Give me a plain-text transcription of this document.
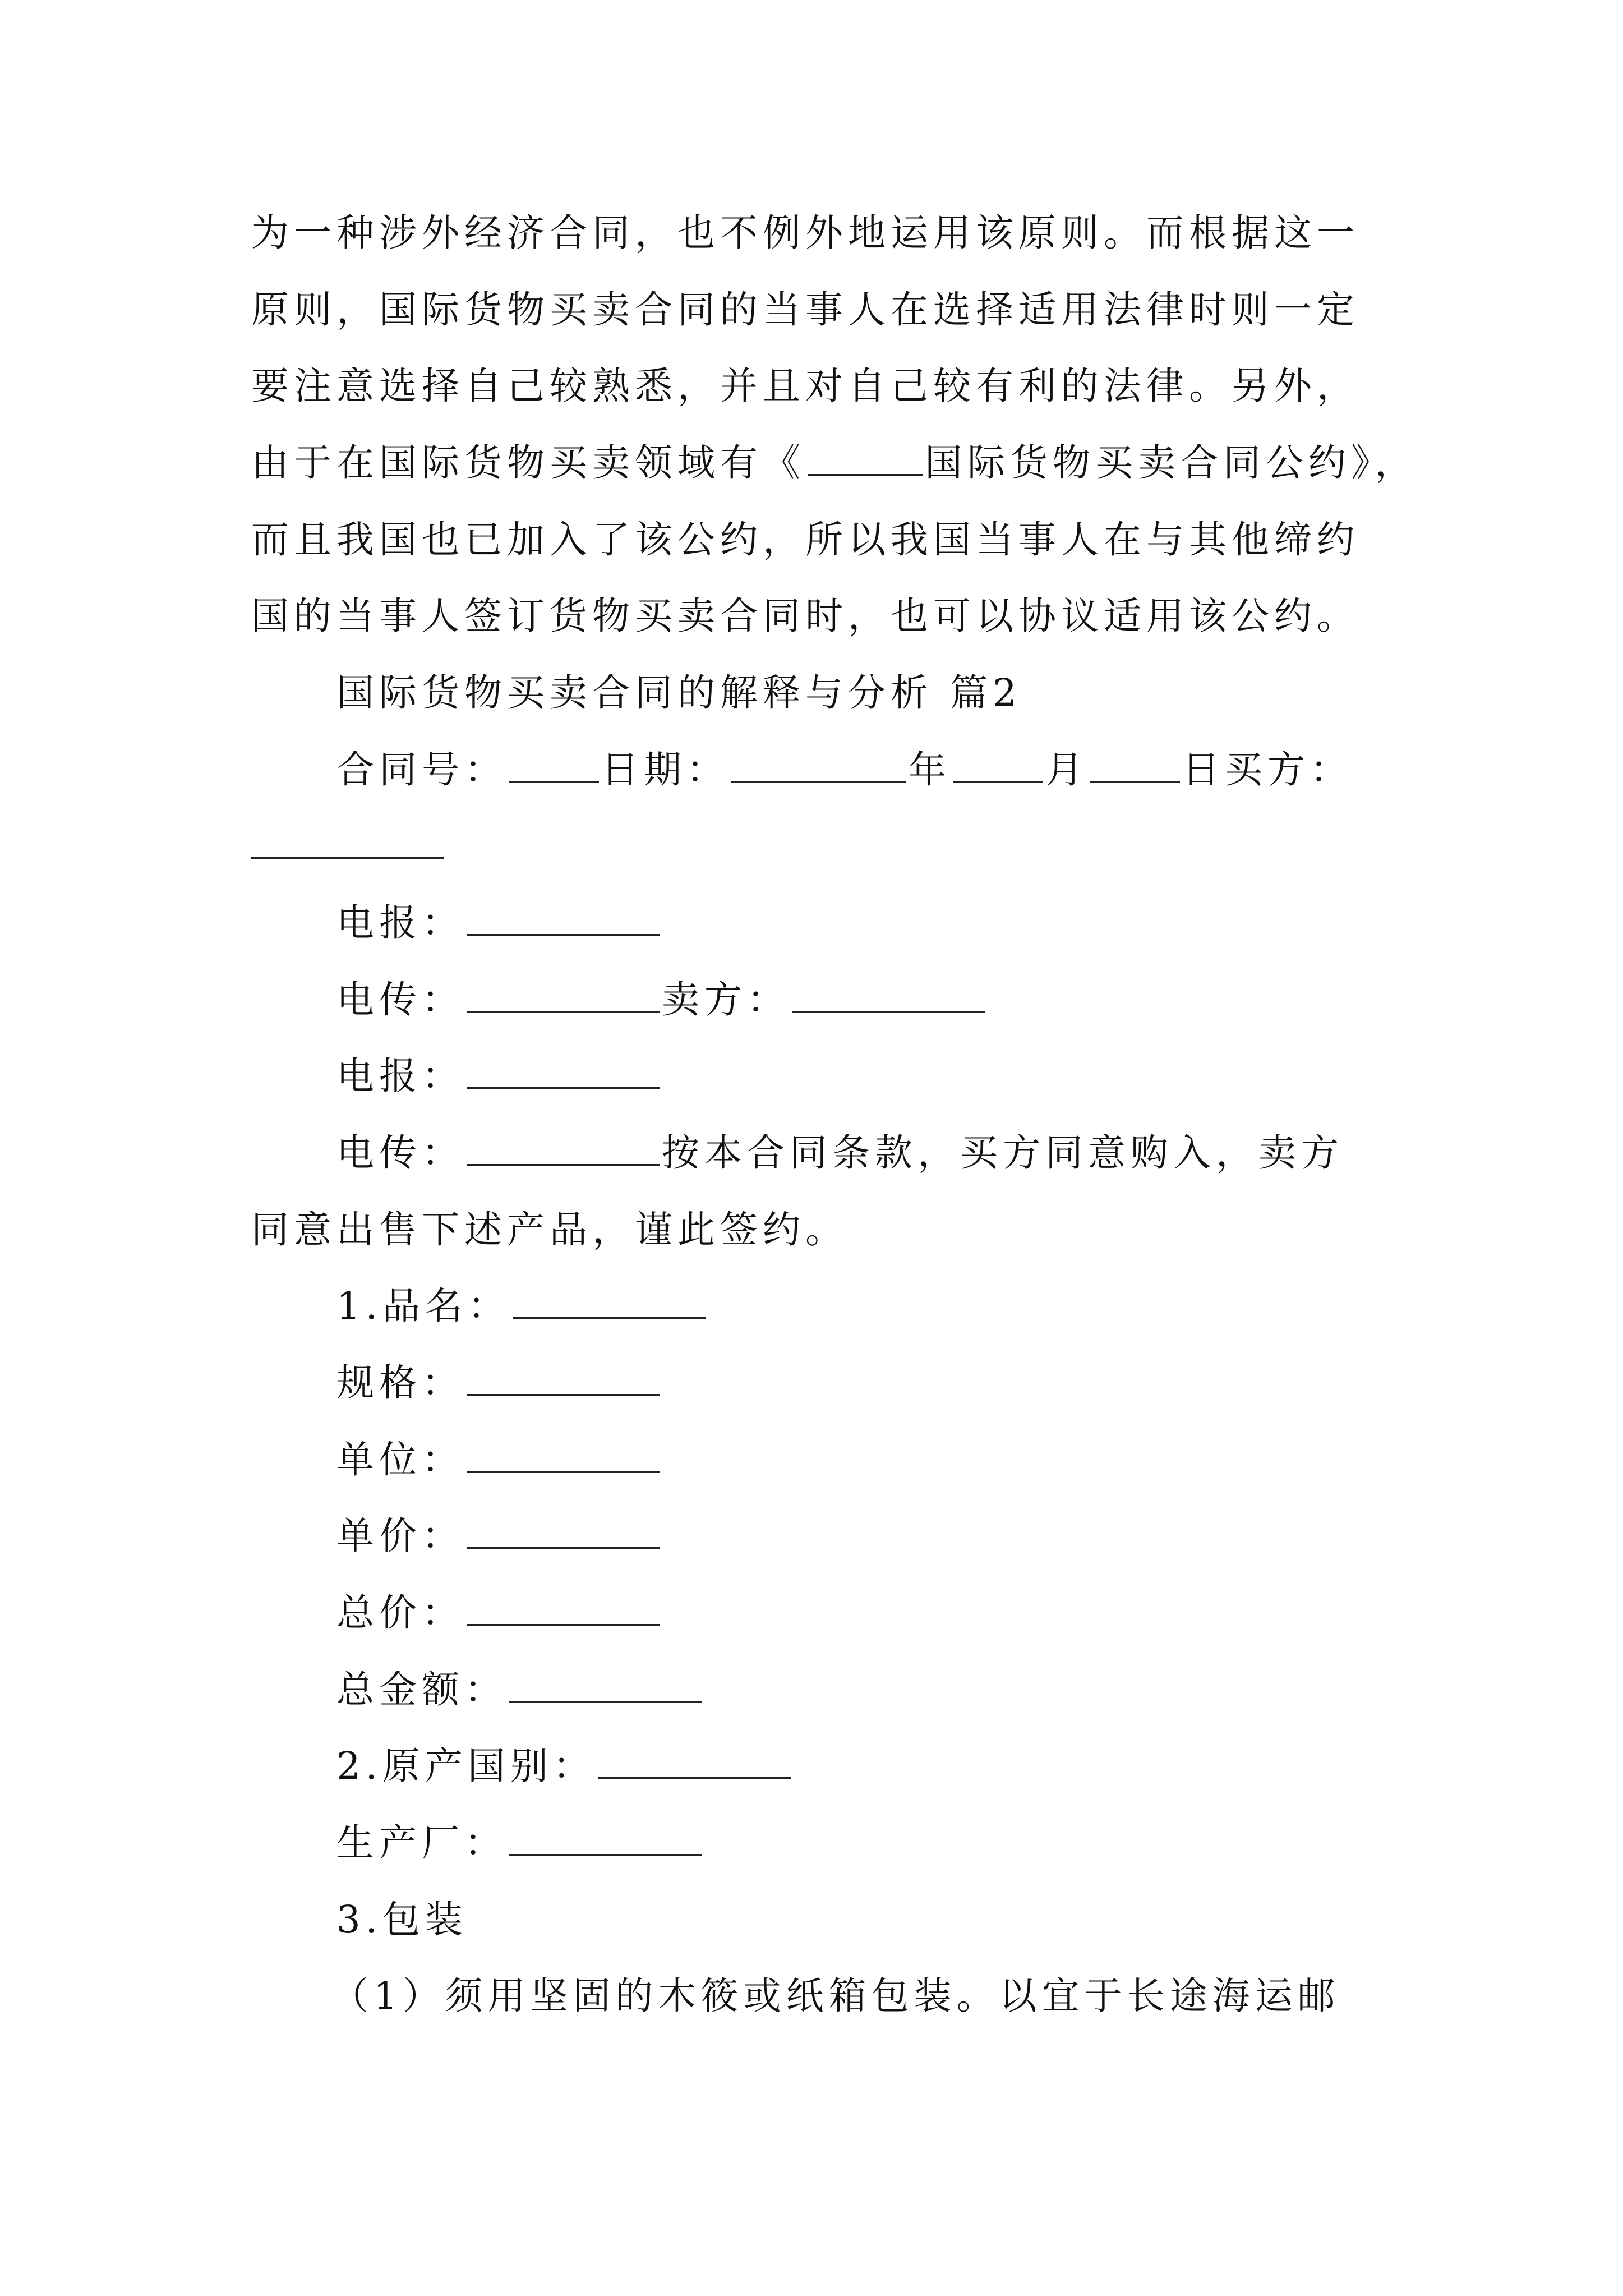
为一种涉外经济合同，也不例外地运用该原则。而根据这一
原则，国际货物买卖合同的当事人在选择适用法律时则一定
要注意选择自己较熟悉，并且对自己较有利的法律。另外，
由于在国际货物买卖领域有《	国际货物买卖合同公约》，
而且我国也已加入了该公约，所以我国当事人在与其他缔约
国的当事人签订货物买卖合同时，也可以协议适用该公约。
国际货物买卖合同的解释与分析 篇2
合同号：	日期：	年	月	日买方：
电报：
电传：	卖方：
电报：
电传：	按本合同条款，买方同意购入，卖方
同意出售下述产品，谨此签约。
1.品名：
规格：
单位：
单价：
总价：
总金额：
2.原产国别：
生产厂：
3.包装
（1）须用坚固的木筱或纸箱包装。以宜于长途海运邮
